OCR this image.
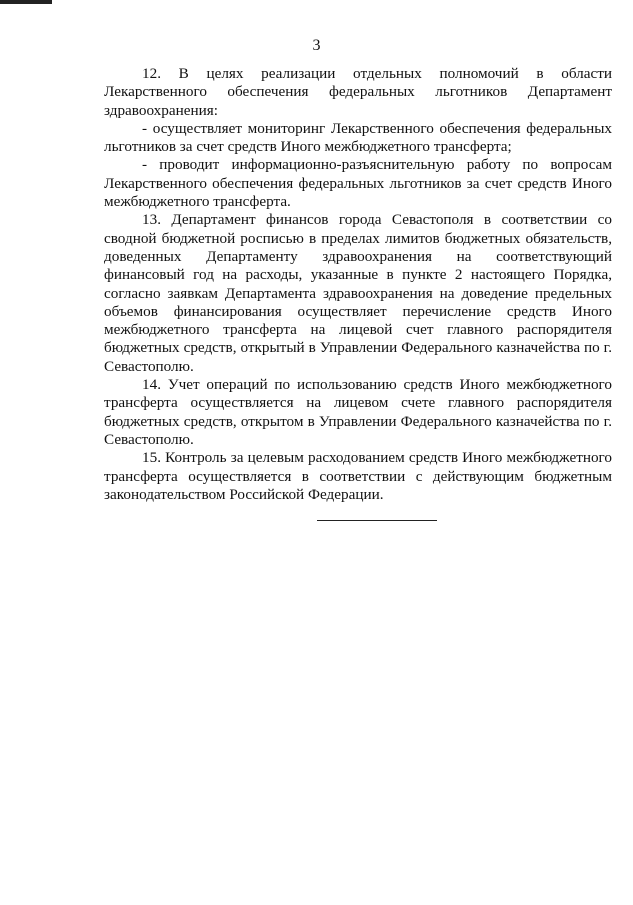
3

12. В целях реализации отдельных полномочий в области Лекарственного обеспечения федеральных льготников Департамент здравоохранения:

- осуществляет мониторинг Лекарственного обеспечения федеральных льготников за счет средств Иного межбюджетного трансферта;

- проводит информационно-разъяснительную работу по вопросам Лекарственного обеспечения федеральных льготников за счет средств Иного межбюджетного трансферта.

13. Департамент финансов города Севастополя в соответствии со сводной бюджетной росписью в пределах лимитов бюджетных обязательств, доведенных Департаменту здравоохранения на соответствующий финансовый год на расходы, указанные в пункте 2 настоящего Порядка, согласно заявкам Департамента здравоохранения на доведение предельных объемов финансирования осуществляет перечисление средств Иного межбюджетного трансферта на лицевой счет главного распорядителя бюджетных средств, открытый в Управлении Федерального казначейства по г. Севастополю.

14. Учет операций по использованию средств Иного межбюджетного трансферта осуществляется на лицевом счете главного распорядителя бюджетных средств, открытом в Управлении Федерального казначейства по г. Севастополю.

15. Контроль за целевым расходованием средств Иного межбюджетного трансферта осуществляется в соответствии с действующим бюджетным законодательством Российской Федерации.
